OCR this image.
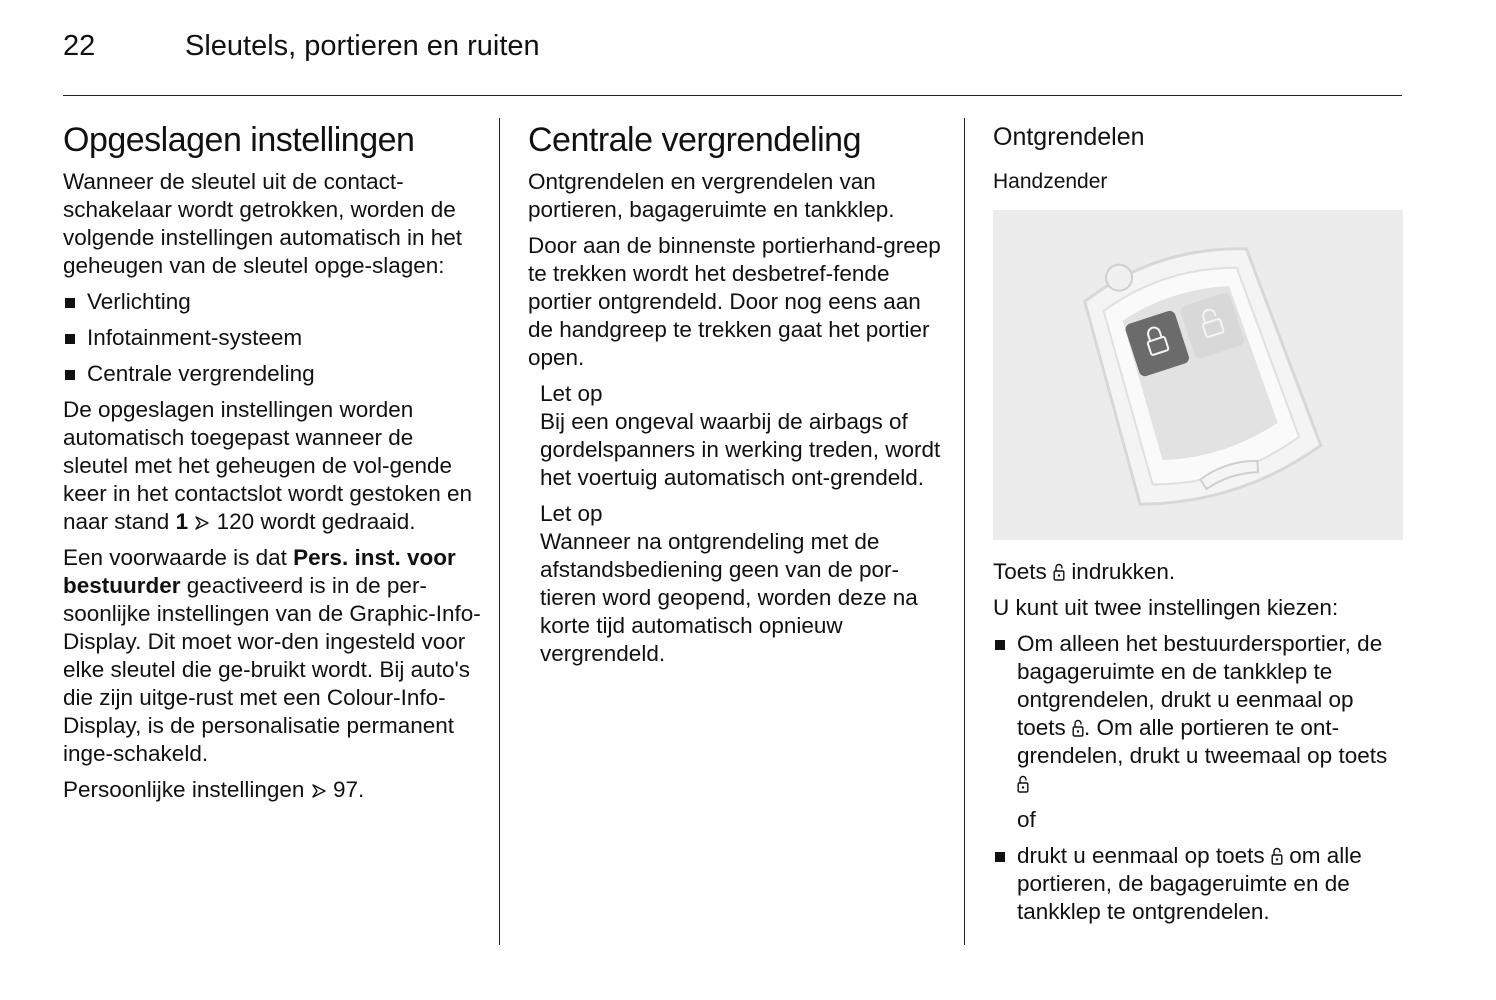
22	Sleutels, portieren en ruiten
Opgeslagen instellingen

Wanneer de sleutel uit de contact-schakelaar wordt getrokken, worden de volgende instellingen automatisch in het geheugen van de sleutel opge-slagen:

Verlichting
Infotainment-systeem
Centrale vergrendeling

De opgeslagen instellingen worden automatisch toegepast wanneer de sleutel met het geheugen de vol-gende keer in het contactslot wordt gestoken en naar stand 1 120 wordt gedraaid.

Een voorwaarde is dat Pers. inst. voor bestuurder geactiveerd is in de per-soonlijke instellingen van de Graphic-Info-Display. Dit moet wor-den ingesteld voor elke sleutel die ge-bruikt wordt. Bij auto's die zijn uitge-rust met een Colour-Info-Display, is de personalisatie permanent inge-schakeld.

Persoonlijke instellingen 97.

Centrale vergrendeling

Ontgrendelen en vergrendelen van portieren, bagageruimte en tankklep.

Door aan de binnenste portierhand-greep te trekken wordt het desbetref-fende portier ontgrendeld. Door nog eens aan de handgreep te trekken gaat het portier open.

Let op

Bij een ongeval waarbij de airbags of gordelspanners in werking treden, wordt het voertuig automatisch ont-grendeld.

Let op

Wanneer na ontgrendeling met de afstandsbediening geen van de por-tieren word geopend, worden deze na korte tijd automatisch opnieuw vergrendeld.

Ontgrendelen
Handzender

Toets indrukken.

U kunt uit twee instellingen kiezen:

Om alleen het bestuurdersportier, de bagageruimte en de tankklep te ontgrendelen, drukt u eenmaal op toets . Om alle portieren te ont-grendelen, drukt u tweemaal op toets

of

drukt u eenmaal op toets om alle portieren, de bagageruimte en de tankklep te ontgrendelen.
